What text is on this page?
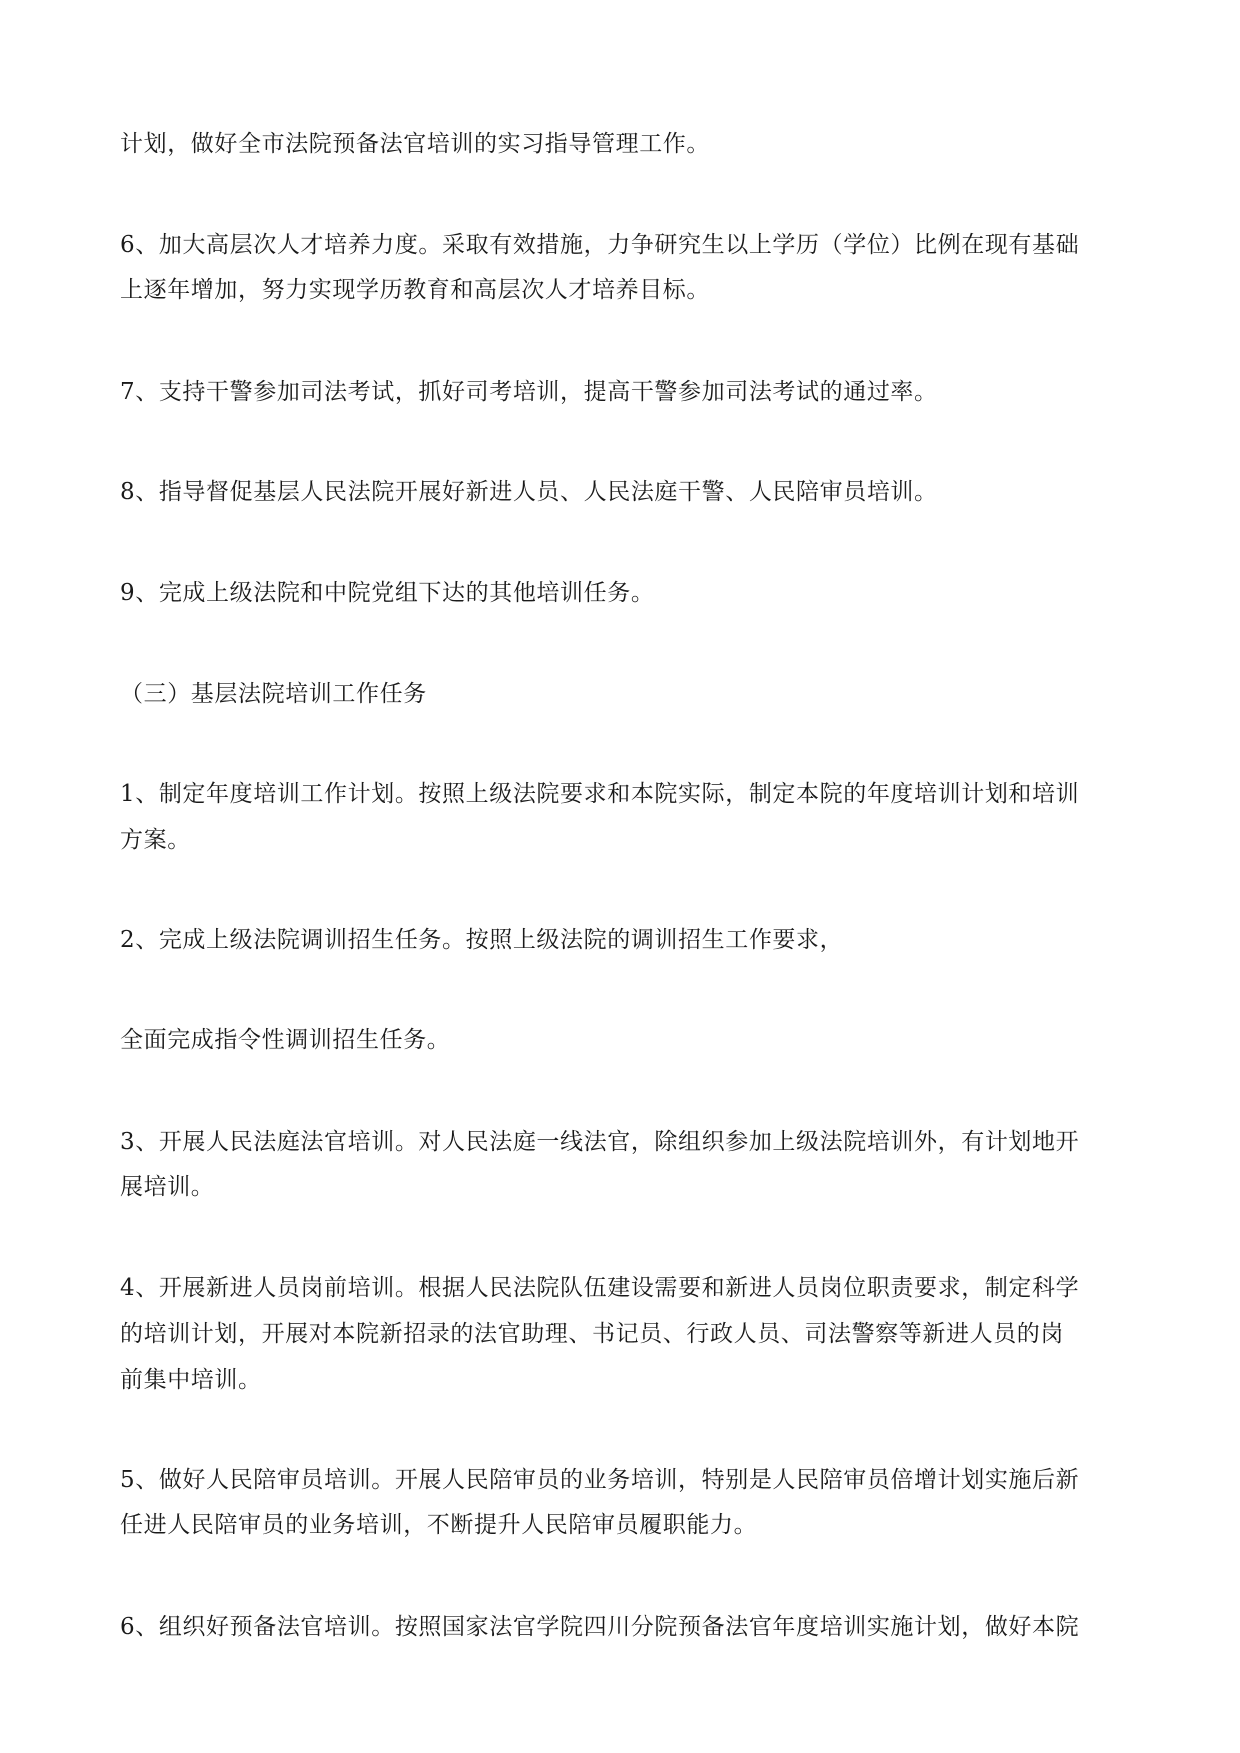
计划，做好全市法院预备法官培训的实习指导管理工作。
6、加大高层次人才培养力度。采取有效措施，力争研究生以上学历（学位）比例在现有基础
上逐年增加，努力实现学历教育和高层次人才培养目标。
7、支持干警参加司法考试，抓好司考培训，提高干警参加司法考试的通过率。
8、指导督促基层人民法院开展好新进人员、人民法庭干警、人民陪审员培训。
9、完成上级法院和中院党组下达的其他培训任务。
（三）基层法院培训工作任务
1、制定年度培训工作计划。按照上级法院要求和本院实际，制定本院的年度培训计划和培训
方案。
2、完成上级法院调训招生任务。按照上级法院的调训招生工作要求，
全面完成指令性调训招生任务。
3、开展人民法庭法官培训。对人民法庭一线法官，除组织参加上级法院培训外，有计划地开
展培训。
4、开展新进人员岗前培训。根据人民法院队伍建设需要和新进人员岗位职责要求，制定科学
的培训计划，开展对本院新招录的法官助理、书记员、行政人员、司法警察等新进人员的岗
前集中培训。
5、做好人民陪审员培训。开展人民陪审员的业务培训，特别是人民陪审员倍增计划实施后新
任进人民陪审员的业务培训，不断提升人民陪审员履职能力。
6、组织好预备法官培训。按照国家法官学院四川分院预备法官年度培训实施计划，做好本院
